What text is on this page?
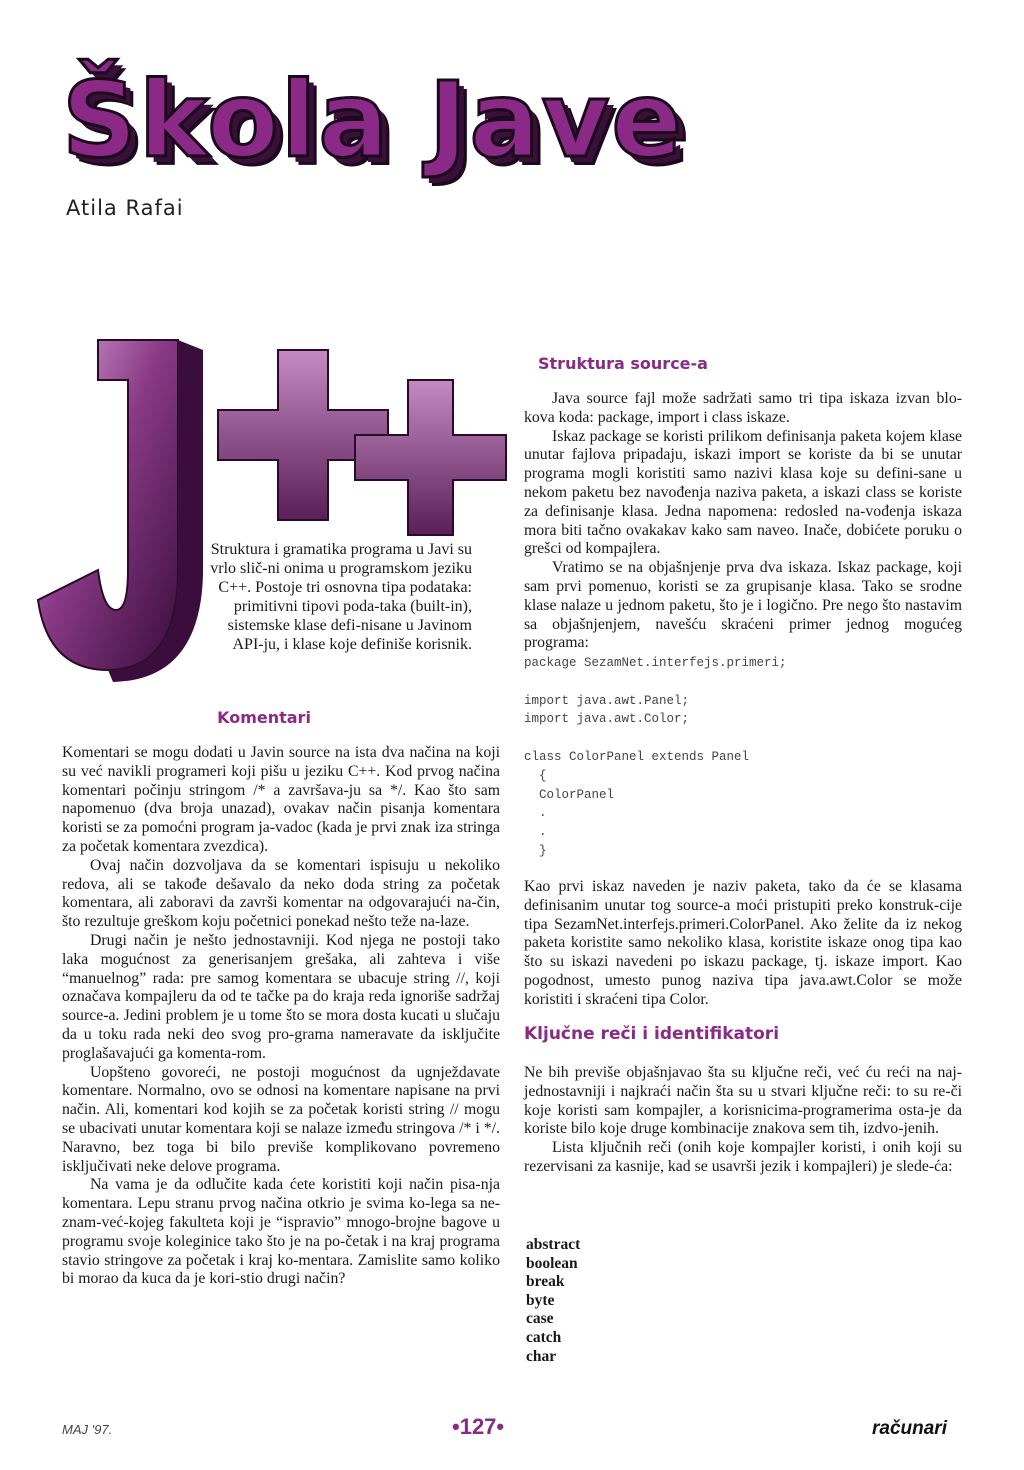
Škola Jave
Atila Rafai
Struktura i gramatika programa u Javi su vrlo slič-ni onima u programskom jeziku C++. Postoje tri osnovna tipa podataka: primitivni tipovi poda-taka (built-in), sistemske klase defi-nisane u Javinom API-ju, i klase koje definiše korisnik.
Komentari

Komentari se mogu dodati u Javin source na ista dva načina na koji su već navikli programeri koji pišu u jeziku C++. Kod prvog načina komentari počinju stringom /* a završava-ju sa */. Kao što sam napomenuo (dva broja unazad), ovakav način pisanja komentara koristi se za pomoćni program ja-vadoc (kada je prvi znak iza stringa za početak komentara zvezdica).

Ovaj način dozvoljava da se komentari ispisuju u nekoliko redova, ali se takođe dešavalo da neko doda string za početak komentara, ali zaboravi da završi komentar na odgovarajući na-čin, što rezultuje greškom koju početnici ponekad nešto teže na-laze.

Drugi način je nešto jednostavniji. Kod njega ne postoji tako laka mogućnost za generisanjem grešaka, ali zahteva i više “manuelnog” rada: pre samog komentara se ubacuje string //, koji označava kompajleru da od te tačke pa do kraja reda ignoriše sadržaj source-a. Jedini problem je u tome što se mora dosta kucati u slučaju da u toku rada neki deo svog pro-grama nameravate da isključite proglašavajući ga komenta-rom.

Uopšteno govoreći, ne postoji mogućnost da ugnježdavate komentare. Normalno, ovo se odnosi na komentare napisane na prvi način. Ali, komentari kod kojih se za početak koristi string // mogu se ubacivati unutar komentara koji se nalaze između stringova /* i */. Naravno, bez toga bi bilo previše komplikovano povremeno isključivati neke delove programa.

Na vama je da odlučite kada ćete koristiti koji način pisa-nja komentara. Lepu stranu prvog načina otkrio je svima ko-lega sa ne-znam-već-kojeg fakulteta koji je “ispravio” mnogo-brojne bagove u programu svoje koleginice tako što je na po-četak i na kraj programa stavio stringove za početak i kraj ko-mentara. Zamislite samo koliko bi morao da kuca da je kori-stio drugi način?

Struktura source-a

Java source fajl može sadržati samo tri tipa iskaza izvan blo-kova koda: package, import i class iskaze.

Iskaz package se koristi prilikom definisanja paketa kojem klase unutar fajlova pripadaju, iskazi import se koriste da bi se unutar programa mogli koristiti samo nazivi klasa koje su defini-sane u nekom paketu bez navođenja naziva paketa, a iskazi class se koriste za definisanje klasa. Jedna napomena: redosled na-vođenja iskaza mora biti tačno ovakakav kako sam naveo. Inače, dobićete poruku o grešci od kompajlera.

Vratimo se na objašnjenje prva dva iskaza. Iskaz package, koji sam prvi pomenuo, koristi se za grupisanje klasa. Tako se srodne klase nalaze u jednom paketu, što je i logično. Pre nego što nastavim sa objašnjenjem, navešću skraćeni primer jednog mogućeg programa:

package SezamNet.interfejs.primeri;

import java.awt.Panel;
import java.awt.Color;

class ColorPanel extends Panel
{
ColorPanel
.
.
}

Kao prvi iskaz naveden je naziv paketa, tako da će se klasama definisanim unutar tog source-a moći pristupiti preko konstruk-cije tipa SezamNet.interfejs.primeri.ColorPanel. Ako želite da iz nekog paketa koristite samo nekoliko klasa, koristite iskaze onog tipa kao što su iskazi navedeni po iskazu package, tj. iskaze import. Kao pogodnost, umesto punog naziva tipa java.awt.Color se može koristiti i skraćeni tipa Color.

Ključne reči i identifikatori

Ne bih previše objašnjavao šta su ključne reči, već ću reći na naj-jednostavniji i najkraći način šta su u stvari ključne reči: to su re-či koje koristi sam kompajler, a korisnicima-programerima osta-je da koriste bilo koje druge kombinacije znakova sem tih, izdvo-jenih.

Lista ključnih reči (onih koje kompajler koristi, i onih koji su rezervisani za kasnije, kad se usavrši jezik i kompajleri) je slede-ća:

abstract
boolean
break
byte
case
catch
char
MAJ '97.	•127•	računari
